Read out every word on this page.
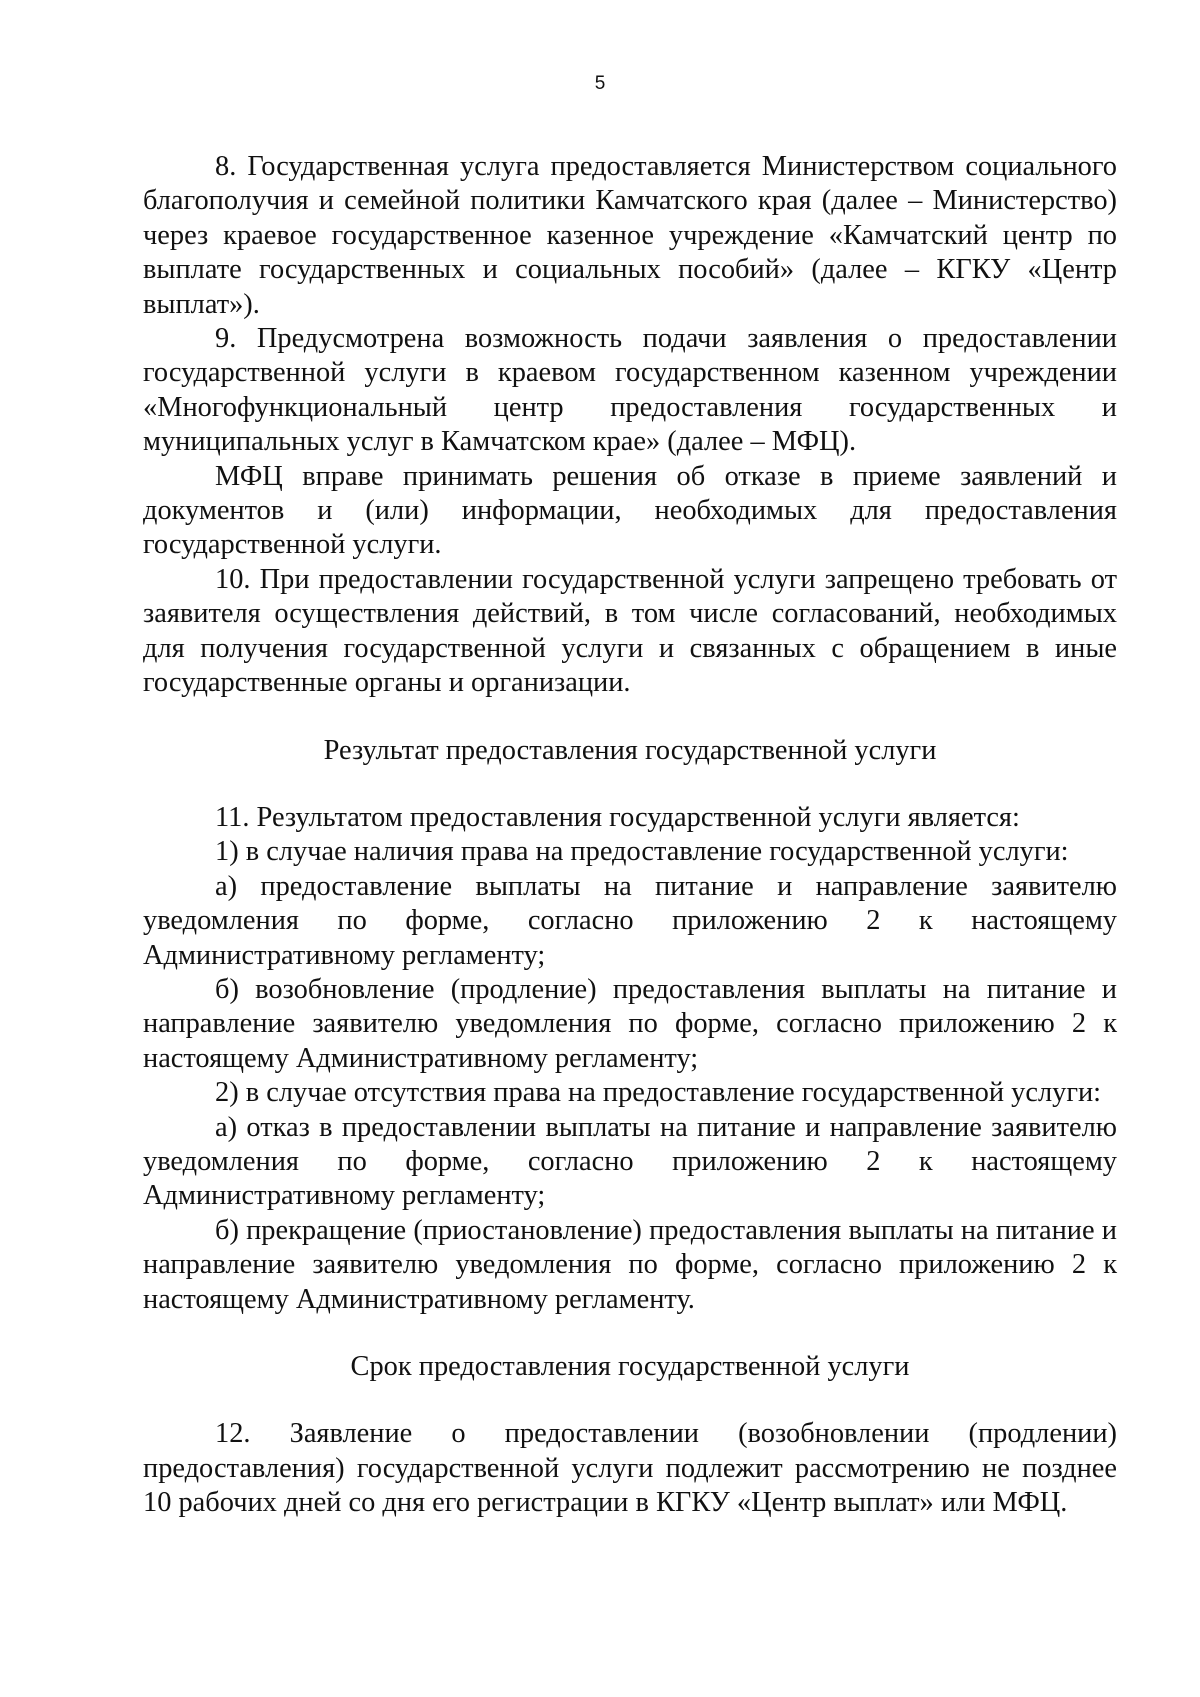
5

8. Государственная услуга предоставляется Министерством социального благополучия и семейной политики Камчатского края (далее – Министерство) через краевое государственное казенное учреждение «Камчатский центр по выплате государственных и социальных пособий» (далее – КГКУ «Центр выплат»).

9. Предусмотрена возможность подачи заявления о предоставлении государственной услуги в краевом государственном казенном учреждении «Многофункциональный центр предоставления государственных и муниципальных услуг в Камчатском крае» (далее – МФЦ).

МФЦ вправе принимать решения об отказе в приеме заявлений и документов и (или) информации, необходимых для предоставления государственной услуги.

10. При предоставлении государственной услуги запрещено требовать от заявителя осуществления действий, в том числе согласований, необходимых для получения государственной услуги и связанных с обращением в иные государственные органы и организации.

Результат предоставления государственной услуги

11. Результатом предоставления государственной услуги является:

1) в случае наличия права на предоставление государственной услуги:

а) предоставление выплаты на питание и направление заявителю уведомления по форме, согласно приложению 2 к настоящему Административному регламенту;

б) возобновление (продление) предоставления выплаты на питание и направление заявителю уведомления по форме, согласно приложению 2 к настоящему Административному регламенту;

2) в случае отсутствия права на предоставление государственной услуги:

а) отказ в предоставлении выплаты на питание и направление заявителю уведомления по форме, согласно приложению 2 к настоящему Административному регламенту;

б) прекращение (приостановление) предоставления выплаты на питание и направление заявителю уведомления по форме, согласно приложению 2 к настоящему Административному регламенту.

Срок предоставления государственной услуги

12. Заявление о предоставлении (возобновлении (продлении) предоставления) государственной услуги подлежит рассмотрению не позднее 10 рабочих дней со дня его регистрации в КГКУ «Центр выплат» или МФЦ.
